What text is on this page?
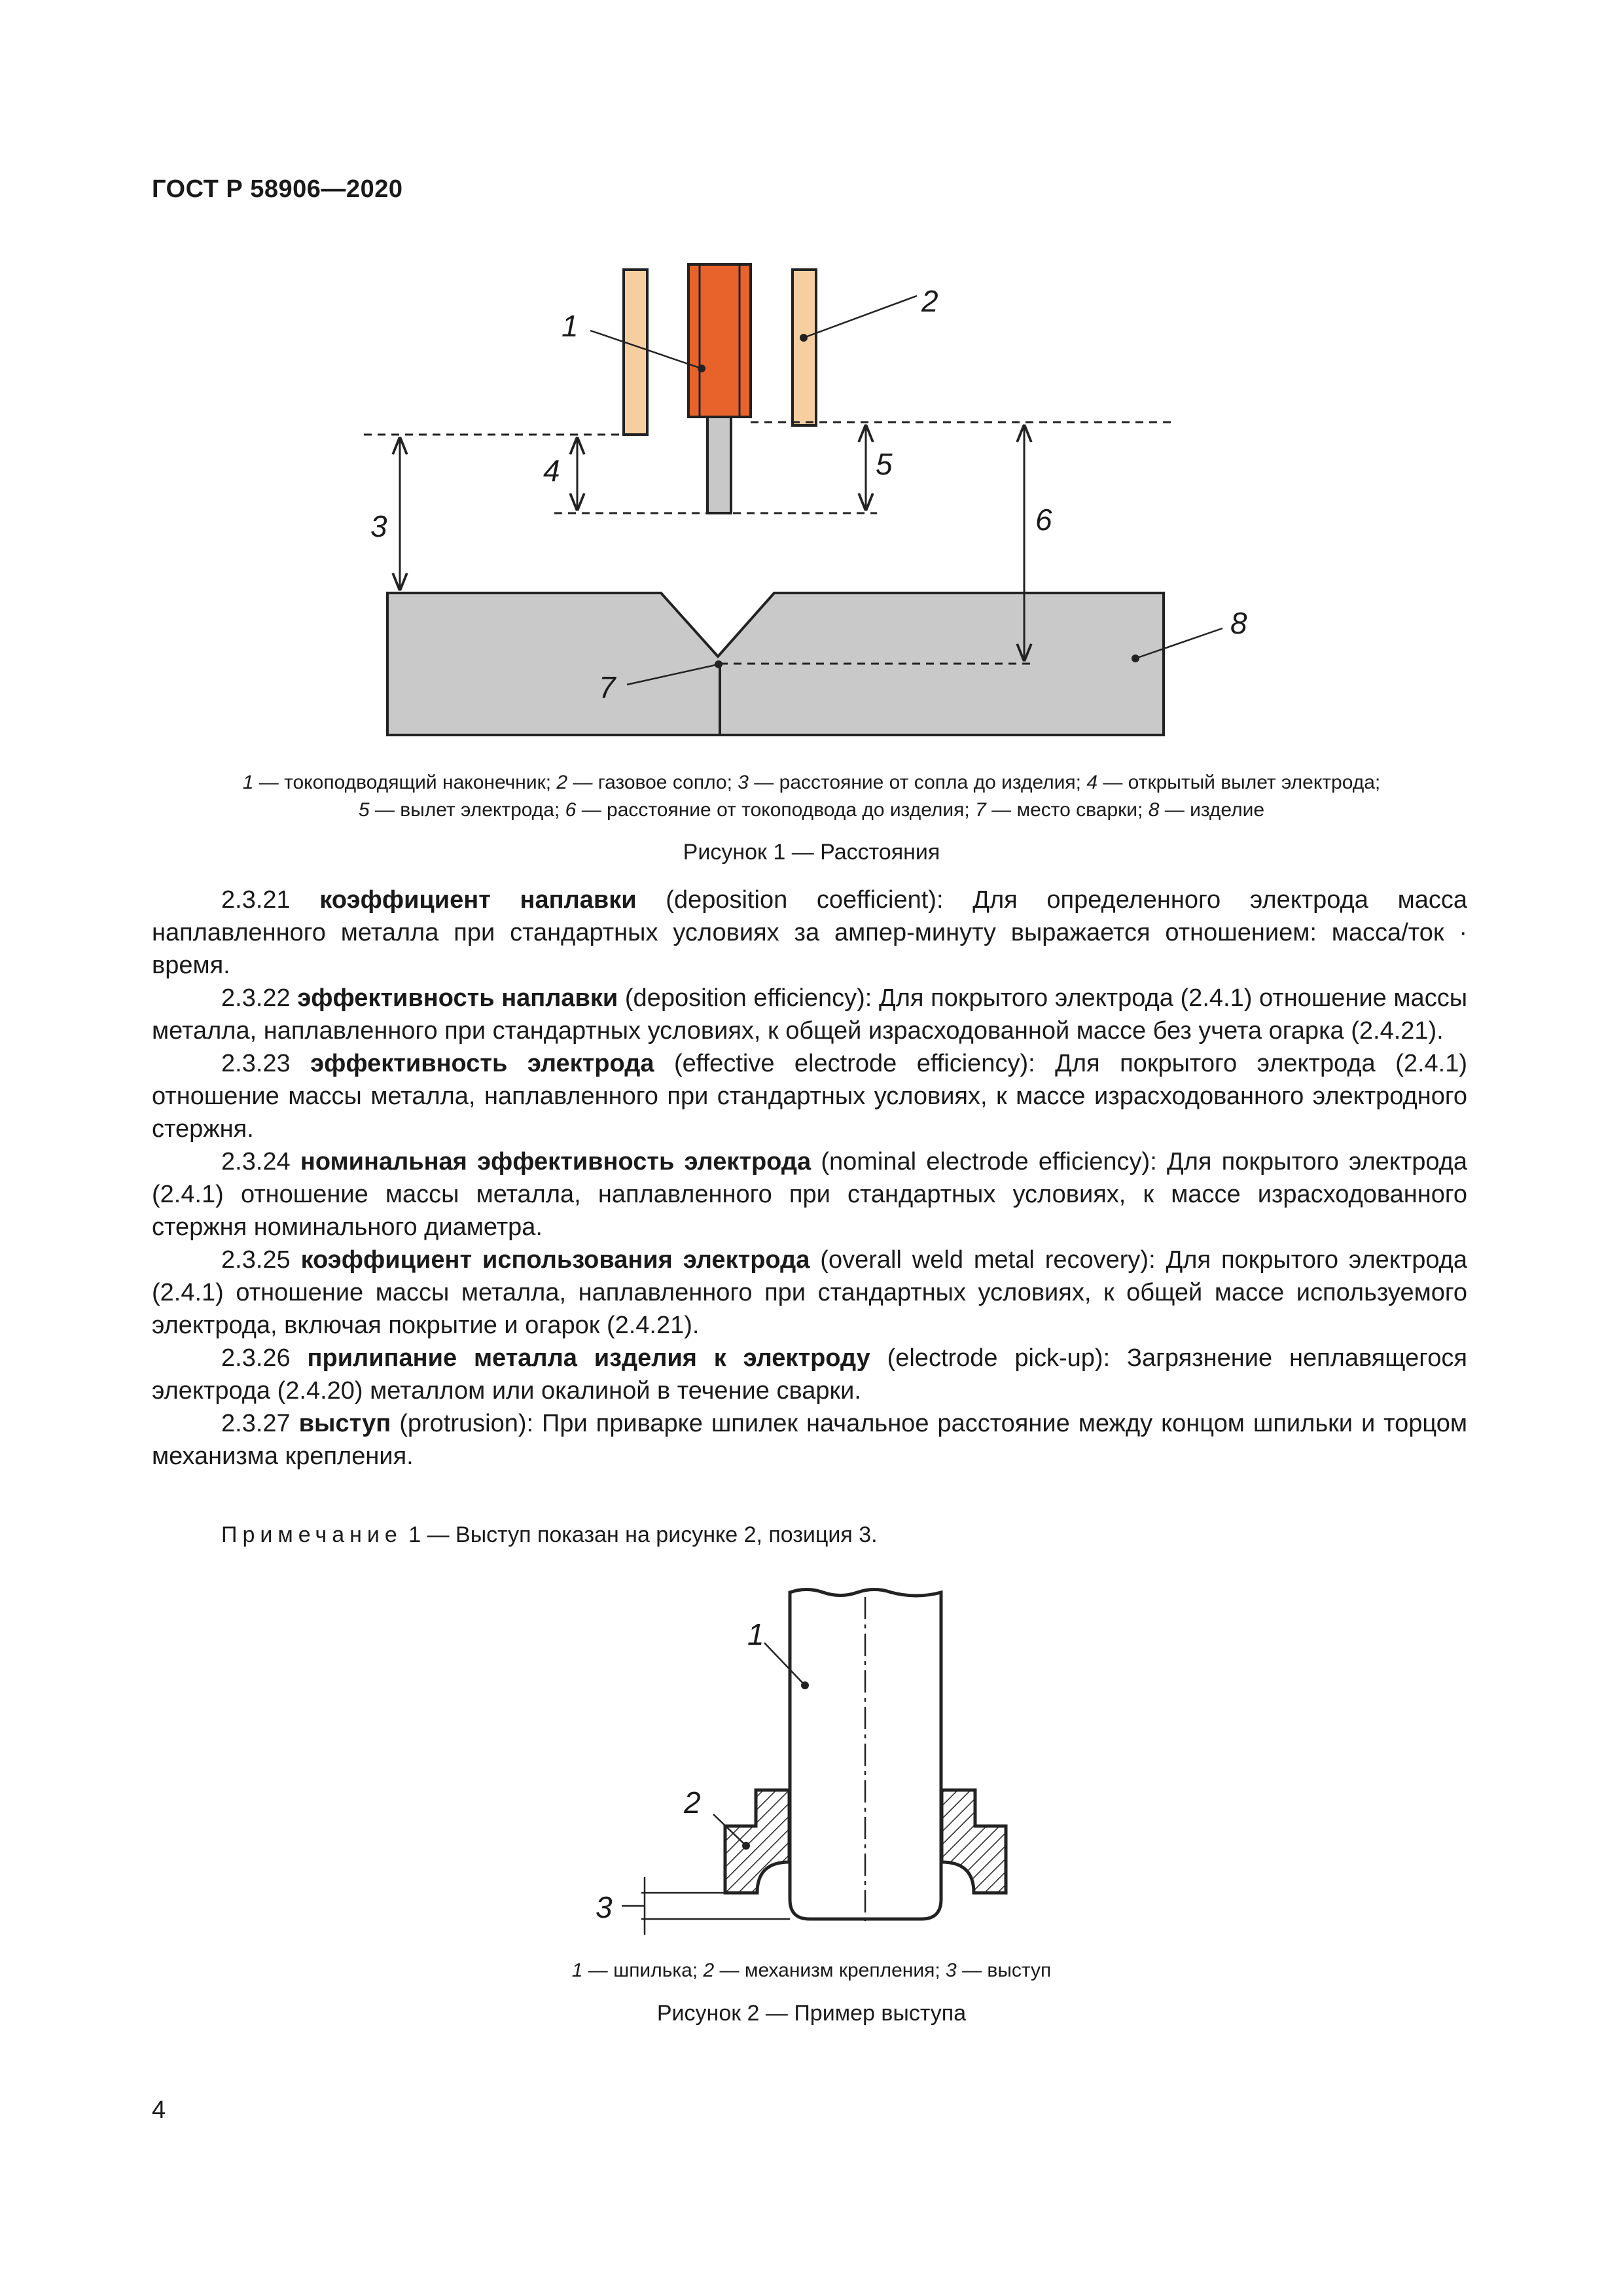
ГОСТ Р 58906—2020
1
2
3
4	5
6
7
8
1 — токоподводящий наконечник; 2 — газовое сопло; 3 — расстояние от сопла до изделия; 4 — открытый вылет электрода;
5 — вылет электрода; 6 — расстояние от токоподвода до изделия; 7 — место сварки; 8 — изделие
Рисунок 1 — Расстояния

2.3.21 коэффициент наплавки (deposition coefficient): Для определенного электрода масса наплавленного металла при стандартных условиях за ампер-минуту выражается отношением: масса/ток · время.

2.3.22 эффективность наплавки (deposition efficiency): Для покрытого электрода (2.4.1) отношение массы металла, наплавленного при стандартных условиях, к общей израсходованной массе без учета огарка (2.4.21).

2.3.23 эффективность электрода (effective electrode efficiency): Для покрытого электрода (2.4.1) отношение массы металла, наплавленного при стандартных условиях, к массе израсходованного электродного стержня.

2.3.24 номинальная эффективность электрода (nominal electrode efficiency): Для покрытого электрода (2.4.1) отношение массы металла, наплавленного при стандартных условиях, к массе израсходованного стержня номинального диаметра.

2.3.25 коэффициент использования электрода (overall weld metal recovery): Для покрытого электрода (2.4.1) отношение массы металла, наплавленного при стандартных условиях, к общей массе используемого электрода, включая покрытие и огарок (2.4.21).

2.3.26 прилипание металла изделия к электроду (electrode pick-up): Загрязнение неплавящегося электрода (2.4.20) металлом или окалиной в течение сварки.

2.3.27 выступ (protrusion): При приварке шпилек начальное расстояние между концом шпильки и торцом механизма крепления.

Примечание 1 — Выступ показан на рисунке 2, позиция 3.
1
2
3
1 — шпилька; 2 — механизм крепления; 3 — выступ
Рисунок 2 — Пример выступа
4
